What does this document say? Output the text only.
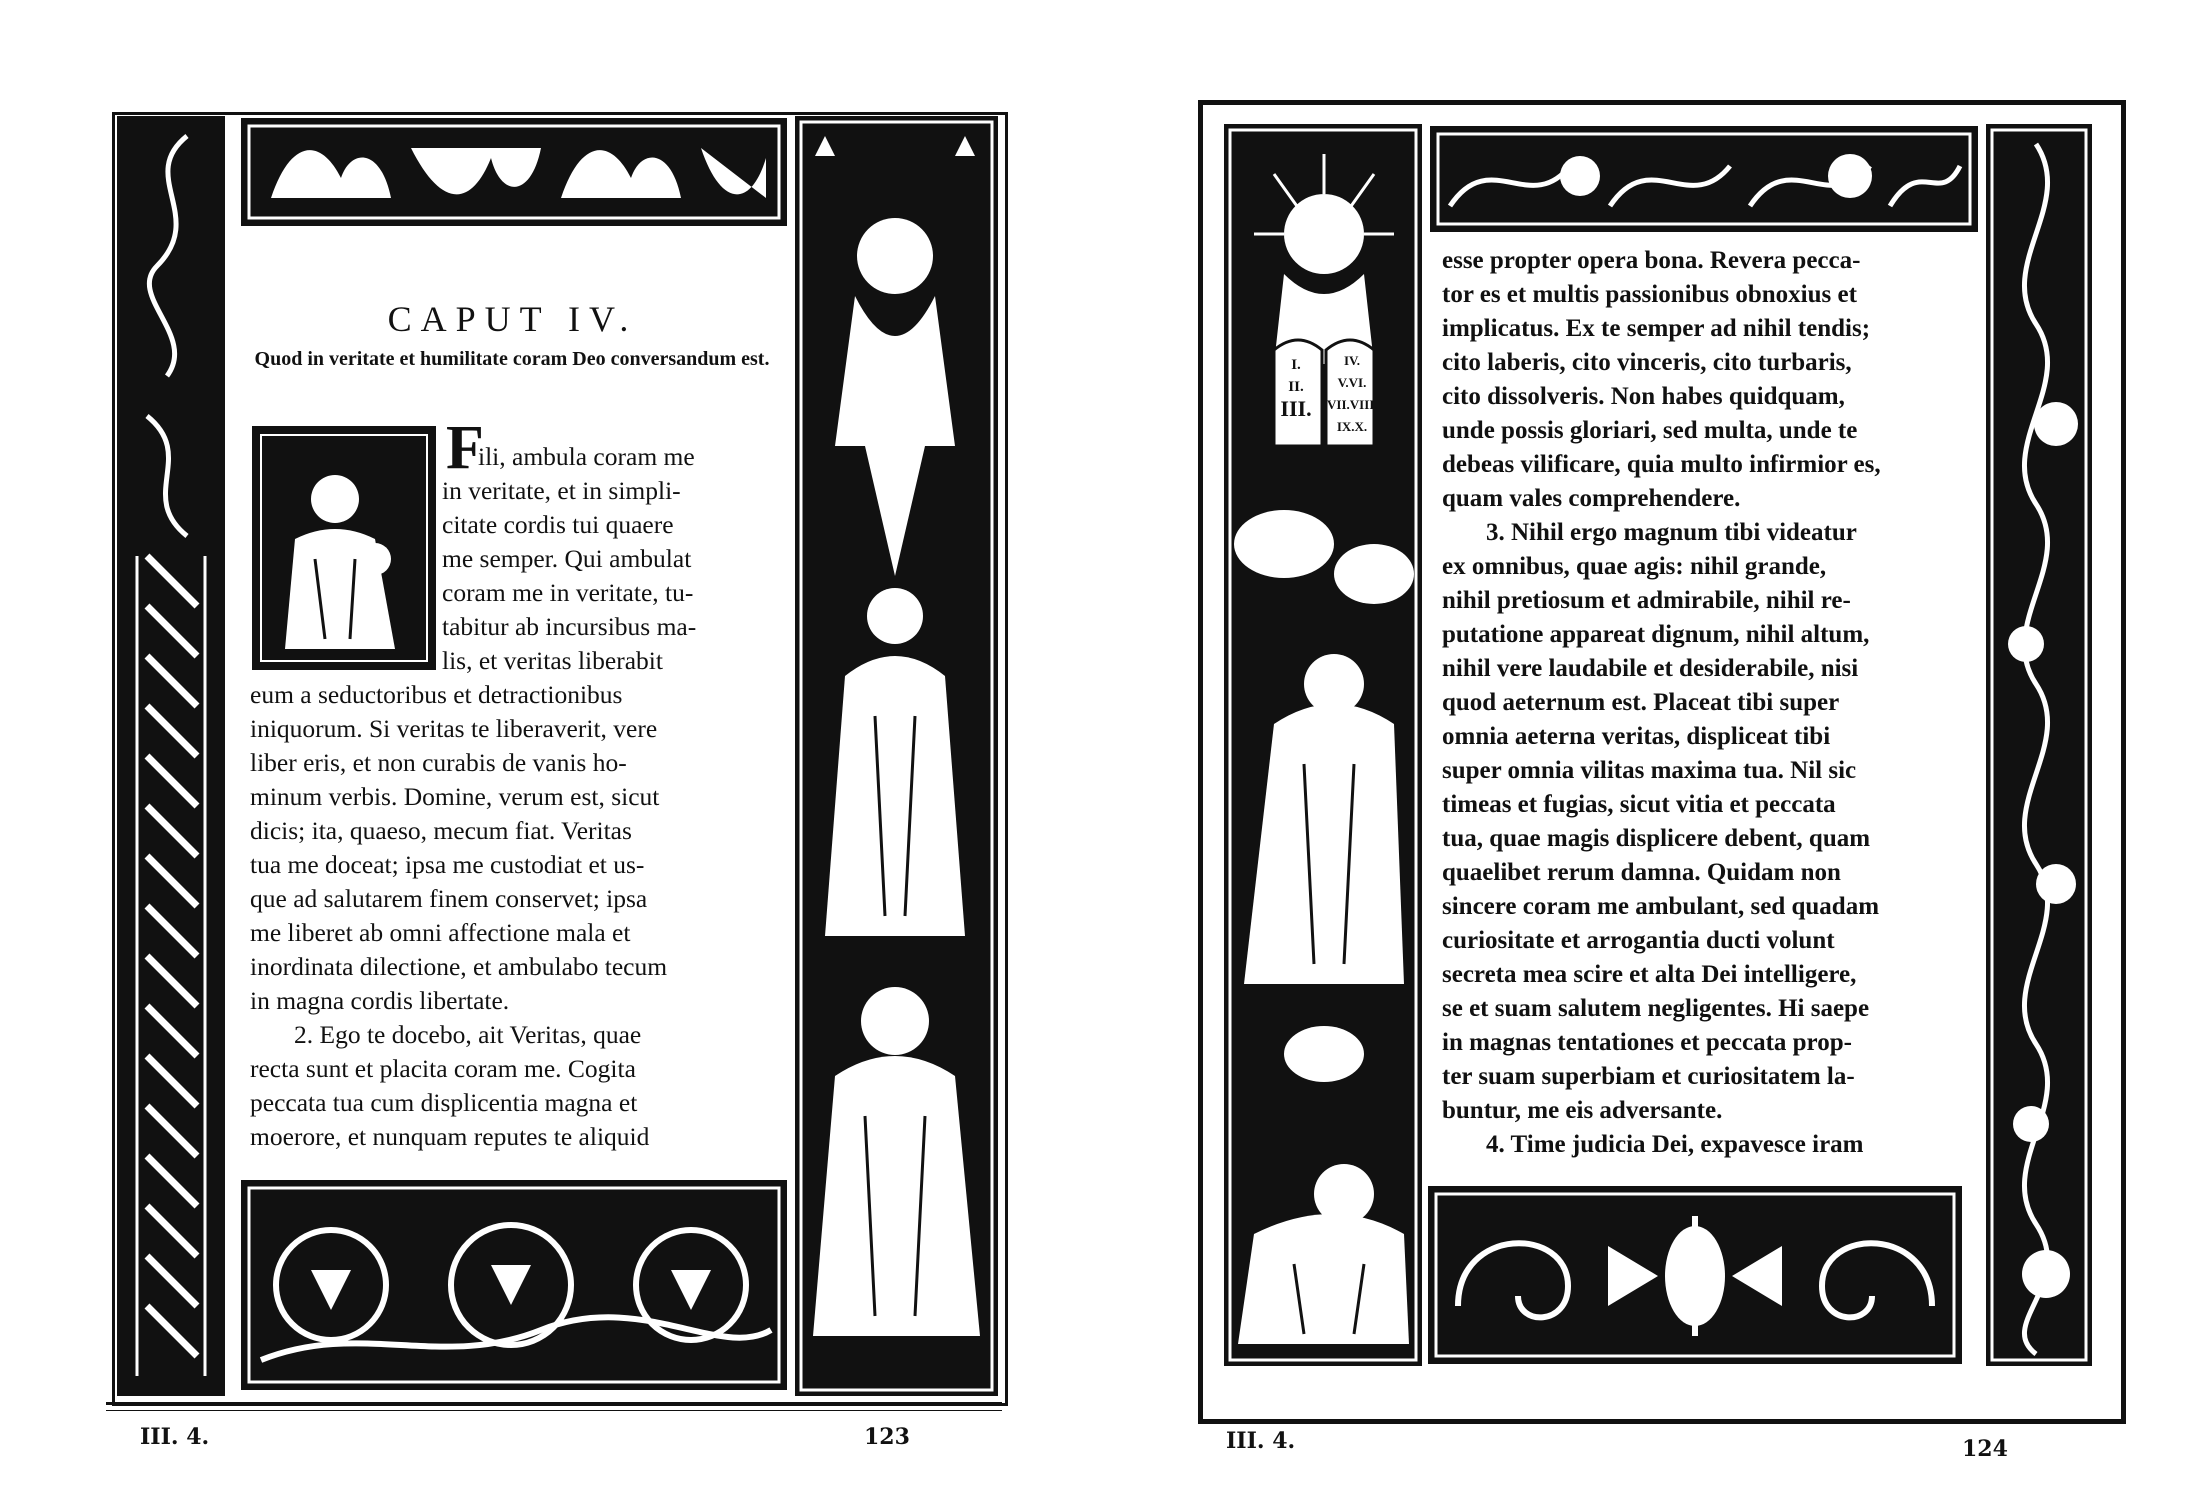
CAPUT IV.
Quod in veritate et humilitate coram Deo conversandum est.
F

ili, ambula coram me

in veritate, et in simpli-

citate cordis tui quaere

me semper. Qui ambulat

coram me in veritate, tu-

tabitur ab incursibus ma-

lis, et veritas liberabit

eum a seductoribus et detractionibus

iniquorum. Si veritas te liberaverit, vere

liber eris, et non curabis de vanis ho-

minum verbis. Domine, verum est, sicut

dicis; ita, quaeso, mecum fiat. Veritas

tua me doceat; ipsa me custodiat et us-

que ad salutarem finem conservet; ipsa

me liberet ab omni affectione mala et

inordinata dilectione, et ambulabo tecum

in magna cordis libertate.

2. Ego te docebo, ait Veritas, quae

recta sunt et placita coram me. Cogita

peccata tua cum displicentia magna et

moerore, et nunquam reputes te aliquid

III. 4.	123
I.
II.
III.
IV.
V.VI.
VII.VIII.
IX.X.

esse propter opera bona. Revera pecca-

tor es et multis passionibus obnoxius et

implicatus. Ex te semper ad nihil tendis;

cito laberis, cito vinceris, cito turbaris,

cito dissolveris. Non habes quidquam,

unde possis gloriari, sed multa, unde te

debeas vilificare, quia multo infirmior es,

quam vales comprehendere.

3. Nihil ergo magnum tibi videatur

ex omnibus, quae agis: nihil grande,

nihil pretiosum et admirabile, nihil re-

putatione appareat dignum, nihil altum,

nihil vere laudabile et desiderabile, nisi

quod aeternum est. Placeat tibi super

omnia aeterna veritas, displiceat tibi

super omnia vilitas maxima tua. Nil sic

timeas et fugias, sicut vitia et peccata

tua, quae magis displicere debent, quam

quaelibet rerum damna. Quidam non

sincere coram me ambulant, sed quadam

curiositate et arrogantia ducti volunt

secreta mea scire et alta Dei intelligere,

se et suam salutem negligentes. Hi saepe

in magnas tentationes et peccata prop-

ter suam superbiam et curiositatem la-

buntur, me eis adversante.

4. Time judicia Dei, expavesce iram

III. 4.	124
